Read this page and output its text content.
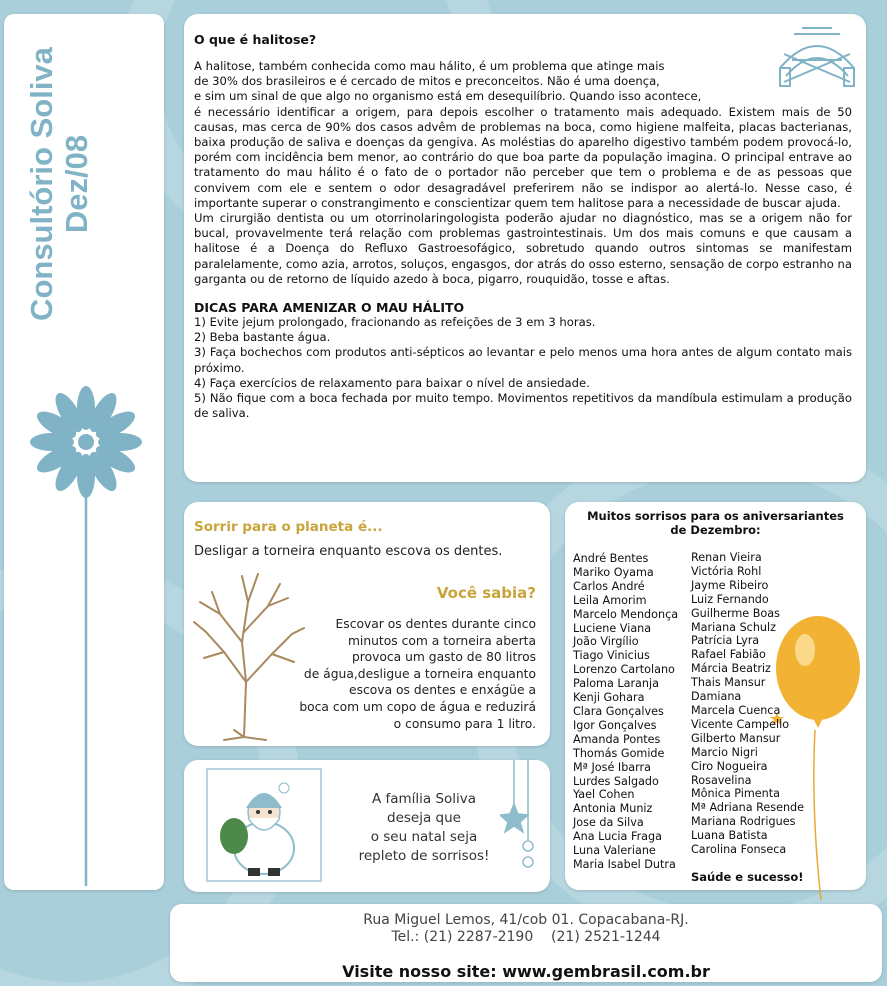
Consultório Soliva Dez/08
O que é halitose?

A halitose, também conhecida como mau hálito, é um problema que atinge mais

de 30% dos brasileiros e é cercado de mitos e preconceitos. Não é uma doença,

e sim um sinal de que algo no organismo está em desequilíbrio. Quando isso acontece,

é necessário identificar a origem, para depois escolher o tratamento mais adequado. Existem mais de 50 causas, mas cerca de 90% dos casos advêm de problemas na boca, como higiene malfeita, placas bacterianas, baixa produção de saliva e doenças da gengiva. As moléstias do aparelho digestivo também podem provocá-lo, porém com incidência bem menor, ao contrário do que boa parte da população imagina. O principal entrave ao tratamento do mau hálito é o fato de o portador não perceber que tem o problema e de as pessoas que convivem com ele e sentem o odor desagradável preferirem não se indispor ao alertá-lo. Nesse caso, é importante superar o constrangimento e conscientizar quem tem halitose para a necessidade de buscar ajuda.

Um cirurgião dentista ou um otorrinolaringologista poderão ajudar no diagnóstico, mas se a origem não for bucal, provavelmente terá relação com problemas gastrointestinais. Um dos mais comuns e que causam a halitose é a Doença do Refluxo Gastroesofágico, sobretudo quando outros sintomas se manifestam paralelamente, como azia, arrotos, soluços, engasgos, dor atrás do osso esterno, sensação de corpo estranho na garganta ou de retorno de líquido azedo à boca, pigarro, rouquidão, tosse e aftas.

DICAS PARA AMENIZAR O MAU HÁLITO
1) Evite jejum prolongado, fracionando as refeições de 3 em 3 horas.
2) Beba bastante água.
3) Faça bochechos com produtos anti-sépticos ao levantar e pelo menos uma hora antes de algum contato mais próximo.
4) Faça exercícios de relaxamento para baixar o nível de ansiedade.
5) Não fique com a boca fechada por muito tempo. Movimentos repetitivos da mandíbula estimulam a produção de saliva.
Sorrir para o planeta é...
Desligar a torneira enquanto escova os dentes.
Você sabia?
Escovar os dentes durante cinco
minutos com a torneira aberta
provoca um gasto de 80 litros
de água,desligue a torneira enquanto
escova os dentes e enxágüe a
boca com um copo de água e reduzirá
o consumo para 1 litro.
A família Soliva
deseja que
o seu natal seja
repleto de sorrisos!
Muitos sorrisos para os aniversariantes
de Dezembro:
André Bentes
Mariko Oyama
Carlos André
Leila Amorim
Marcelo Mendonça
Luciene Viana
João Virgílio
Tiago Vinicius
Lorenzo Cartolano
Paloma Laranja
Kenji Gohara
Clara Gonçalves
Igor Gonçalves
Amanda Pontes
Thomás Gomide
Mª José Ibarra
Lurdes Salgado
Yael Cohen
Antonia Muniz
Jose da Silva
Ana Lucia Fraga
Luna Valeriane
Maria Isabel Dutra
Renan Vieira
Victória Rohl
Jayme Ribeiro
Luiz Fernando
Guilherme Boas
Mariana Schulz
Patrícia Lyra
Rafael Fabião
Márcia Beatriz
Thais Mansur
Damiana
Marcela Cuenca
Vicente Campello
Gilberto Mansur
Marcio Nigri
Ciro Nogueira
Rosavelina
Mônica Pimenta
Mª Adriana Resende
Mariana Rodrigues
Luana Batista
Carolina Fonseca
Saúde e sucesso!
Rua Miguel Lemos, 41/cob 01. Copacabana-RJ.
Tel.: (21) 2287-2190    (21) 2521-1244
Visite nosso site: www.gembrasil.com.br
